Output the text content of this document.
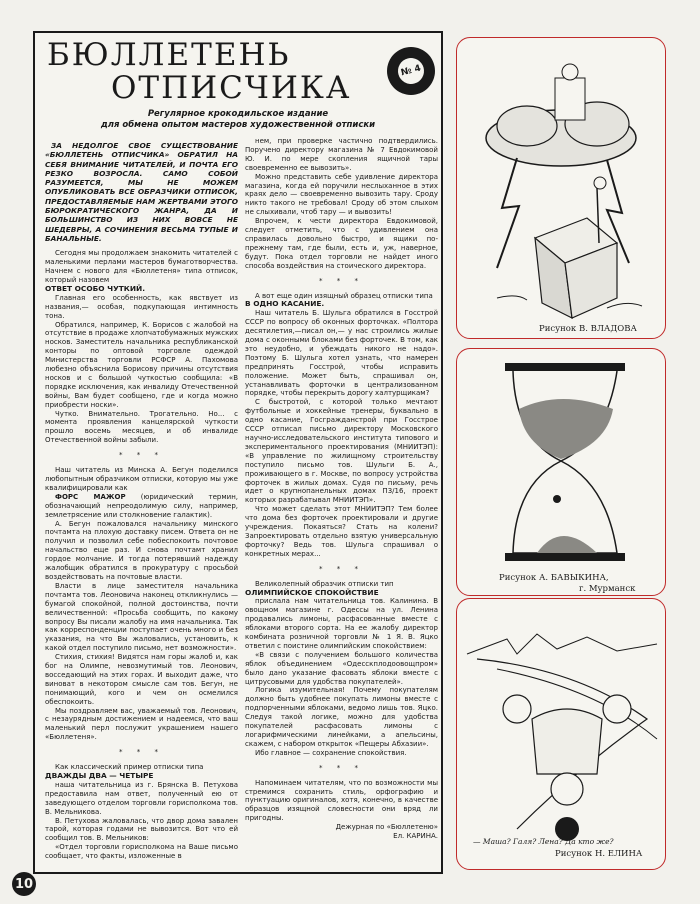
БЮЛЛЕТЕНЬ
ОТПИСЧИКА	№ 4
Регулярное крокодильское издание
для обмена опытом мастеров художественной отписки

ЗА НЕДОЛГОЕ СВОЕ СУЩЕСТВОВАНИЕ «БЮЛЛЕТЕНЬ ОТПИСЧИКА» ОБРАТИЛ НА СЕБЯ ВНИМАНИЕ ЧИТАТЕЛЕЙ, И ПОЧТА ЕГО РЕЗКО ВОЗРОСЛА. САМО СОБОЙ РАЗУМЕЕТСЯ, МЫ НЕ МОЖЕМ ОПУБЛИКОВАТЬ ВСЕ ОБРАЗЧИКИ ОТПИСОК, ПРЕДОСТАВЛЯЕМЫЕ НАМ ЖЕРТВАМИ ЭТОГО БЮРОКРАТИЧЕСКОГО ЖАНРА, ДА И БОЛЬШИНСТВО ИЗ НИХ ВОВСЕ НЕ ШЕДЕВРЫ, А СОЧИНЕНИЯ ВЕСЬМА ТУПЫЕ И БАНАЛЬНЫЕ.

Сегодня мы продолжаем знакомить читателей с маленькими перлами мастеров бумаготворчества. Начнем с нового для «Бюллетеня» типа отписок, который назовем

ОТВЕТ ОСОБО ЧУТКИЙ.

Главная его особенность, как явствует из названия,— особая, подкупающая интимность тона.

Обратился, например, К. Борисов с жалобой на отсутствие в продаже хлопчатобумажных мужских носков. Заместитель начальника республиканской конторы по оптовой торговле одеждой Министерства торговли РСФСР А. Пахомова любезно объяснила Борисову причины отсутствия носков и с большой чуткостью сообщила: «В порядке исключения, как инвалиду Отечественной войны, Вам будет сообщено, где и когда можно приобрести носки».

Чутко. Внимательно. Трогательно. Но... с момента проявления канцелярской чуткости прошло восемь месяцев, и об инвалиде Отечественной войны забыли.

* * *

Наш читатель из Минска А. Бегун поделился любопытным образчиком отписки, которую мы уже квалифицировали как

ФОРС МАЖОР (юридический термин, обозначающий непреодолимую силу, например, землетрясение или столкновение галактик).

А. Бегун пожаловался начальнику минского почтамта на плохую доставку писем. Ответа он не получил и позволил себе побеспокоить почтовое начальство еще раз. И снова почтамт хранил гордое молчание. И тогда потерявший надежду жалобщик обратился в прокуратуру с просьбой воздействовать на почтовые власти.

Власти в лице заместителя начальника почтамта тов. Леоновича наконец откликнулись — бумагой спокойной, полной достоинства, почти величественной: «Просьба сообщить, по какому вопросу Вы писали жалобу на имя начальника. Так как корреспонденции поступает очень много и без указания, на что Вы жаловались, установить, к какой отдел поступило письмо, нет возможности».

Стихия, стихия! Видятся нам горы жалоб и, как бог на Олимпе, невозмутимый тов. Леонович, восседающий на этих горах. И выходит даже, что виноват в некотором смысле сам тов. Бегун, не понимающий, кого и чем он осмелился обеспокоить.

Мы поздравляем вас, уважаемый тов. Леонович, с незаурядным достижением и надеемся, что ваш маленький перл послужит украшением нашего «Бюллетеня».

* * *

Как классический пример отписки типа

ДВАЖДЫ ДВА — ЧЕТЫРЕ

наша читательница из г. Брянска В. Петухова предоставила нам ответ, полученный ею от заведующего отделом торговли горисполкома тов. В. Мельникова.

В. Петухова жаловалась, что двор дома завален тарой, которая годами не вывозится. Вот что ей сообщил тов. В. Мельников:

«Отдел торговли горисполкома на Ваше письмо сообщает, что факты, изложенные в

нем, при проверке частично подтвердились. Поручено директору магазина № 7 Евдокимовой Ю. И. по мере скопления ящичной тары своевременно ее вывозить».

Можно представить себе удивление директора магазина, когда ей поручили неслыханное в этих краях дело — своевременно вывозить тару. Сроду никто такого не требовал! Сроду об этом слыхом не слыхивали, чтоб тару — и вывозить!

Впрочем, к чести директора Евдокимовой, следует отметить, что с удивлением она справилась довольно быстро, и ящики по-прежнему там, где были, есть и, уж, наверное, будут. Пока отдел торговли не найдет иного способа воздействия на стоического директора.

* * *

А вот еще один изящный образец отписки типа

В ОДНО КАСАНИЕ.

Наш читатель Б. Шульга обратился в Госстрой СССР по вопросу об оконных форточках. «Полтора десятилетия,—писал он,— у нас строились жилые дома с оконными блоками без форточек. В том, как это неудобно, и убеждать никого не надо». Поэтому Б. Шульга хотел узнать, что намерен предпринять Госстрой, чтобы исправить положение. Может быть, спрашивал он, устанавливать форточки в централизованном порядке, чтобы перекрыть дорогу халтурщикам?

С быстротой, с которой только мечтают футбольные и хоккейные тренеры, буквально в одно касание, Госгражданстрой при Госстрое СССР отписал письмо директору Московского научно-исследовательского института типового и экспериментального проектирования (МНИИТЭП): «В управление по жилищному строительству поступило письмо тов. Шульги Б. А., проживающего в г. Москве, по вопросу устройства форточек в жилых домах. Судя по письму, речь идет о крупнопанельных домах П3/16, проект которых разрабатывал МНИИТЭП».

Что может сделать этот МНИИТЭП? Тем более что дома без форточек проектировали и другие учреждения. Покаяться? Стать на колени? Запроектировать отдельно взятую универсальную форточку? Ведь тов. Шульга спрашивал о конкретных мерах...

* * *

Великолепный образчик отписки тип

ОЛИМПИЙСКОЕ СПОКОЙСТВИЕ

прислала нам читательница тов. Калинина. В овощном магазине г. Одессы на ул. Ленина продавались лимоны, расфасованные вместе с яблоками второго сорта. На ее жалобу директор комбината розничной торговли № 1 Я. В. Яцко ответил с поистине олимпийским спокойствием:

«В связи с получением большого количества яблок объединением «Одесскплодоовощпром» было дано указание фасовать яблоки вместе с цитрусовыми для удобства покупателей».

Логика изумительная! Почему покупателям должно быть удобнее покупать лимоны вместе с подпорченными яблоками, ведомо лишь тов. Яцко. Следуя такой логике, можно для удобства покупателей расфасовать лимоны с логарифмическими линейками, а апельсины, скажем, с набором открыток «Пещеры Абхазии».

Ибо главное — сохранение спокойствия.

* * *

Напоминаем читателям, что по возможности мы стремимся сохранить стиль, орфографию и пунктуацию оригиналов, хотя, конечно, в качестве образцов изящной словесности они вряд ли пригодны.

Дежурная по «Бюллетеню»

Ел. КАРИНА.

Рисунок В. ВЛАДОВА
Рисунок А. БАВЫКИНА,
г. Мурманск
— Маша? Галя? Лена? Да кто же?
Рисунок Н. ЕЛИНА
10
